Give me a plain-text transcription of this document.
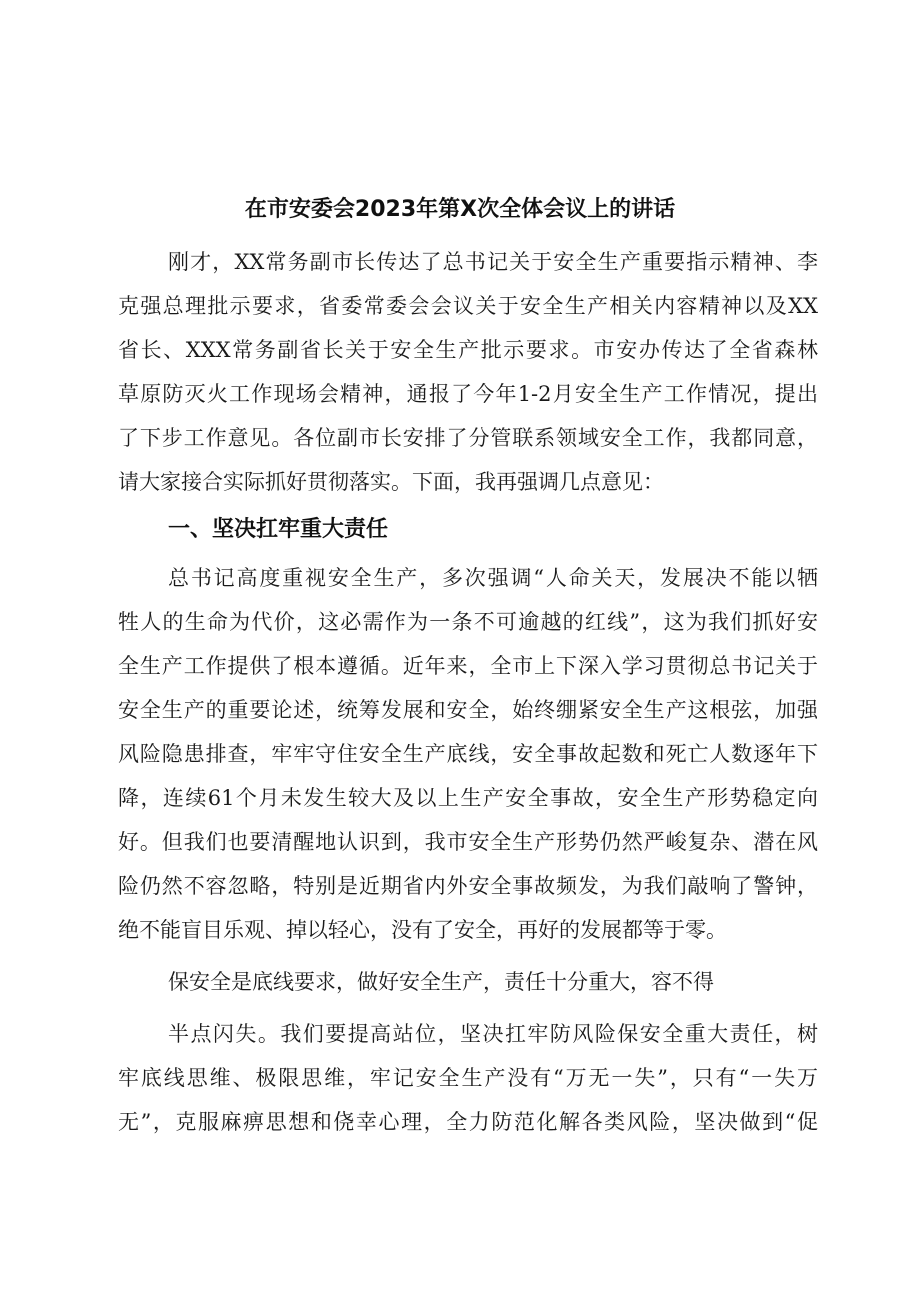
在市安委会2023年第X次全体会议上的讲话

刚才，XX常务副市长传达了总书记关于安全生产重要指示精神、李

克强总理批示要求，省委常委会会议关于安全生产相关内容精神以及XX

省长、XXX常务副省长关于安全生产批示要求。市安办传达了全省森林

草原防灭火工作现场会精神，通报了今年1-2月安全生产工作情况，提出

了下步工作意见。各位副市长安排了分管联系领域安全工作，我都同意，

请大家接合实际抓好贯彻落实。下面，我再强调几点意见：

一、坚决扛牢重大责任

总书记高度重视安全生产，多次强调“人命关天，发展决不能以牺

牲人的生命为代价，这必需作为一条不可逾越的红线”，这为我们抓好安

全生产工作提供了根本遵循。近年来，全市上下深入学习贯彻总书记关于

安全生产的重要论述，统筹发展和安全，始终绷紧安全生产这根弦，加强

风险隐患排查，牢牢守住安全生产底线，安全事故起数和死亡人数逐年下

降，连续61个月未发生较大及以上生产安全事故，安全生产形势稳定向

好。但我们也要清醒地认识到，我市安全生产形势仍然严峻复杂、潜在风

险仍然不容忽略，特别是近期省内外安全事故频发，为我们敲响了警钟，

绝不能盲目乐观、掉以轻心，没有了安全，再好的发展都等于零。

保安全是底线要求，做好安全生产，责任十分重大，容不得

半点闪失。我们要提高站位，坚决扛牢防风险保安全重大责任，树

牢底线思维、极限思维，牢记安全生产没有“万无一失”，只有“一失万

无”，克服麻痹思想和侥幸心理，全力防范化解各类风险，坚决做到“促
